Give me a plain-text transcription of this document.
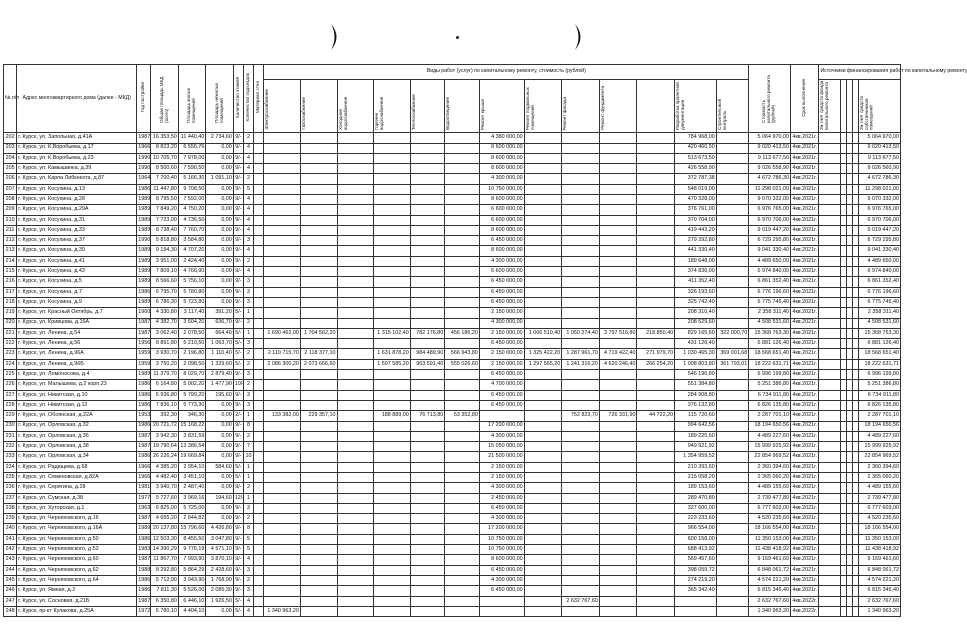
№ п/п	Адрес многоквартирного дома (далее - МКД)	Год постройки	Общая площадь МКД (всего)	Площадь жилых помещений	Площадь нежилых помещений	Количество этажей	Количество подъездов	Материал стен	Виды работ (услуг) по капитальному ремонту, стоимость (рублей)													Стоимость капитального ремонта (рублей)	Срок выполнения	Источники финансирования работ по капитальному ремонту				
									Электроснабжение	Газоснабжение	Холодное водоснабжение	Горячее водоснабжение	Теплоснабжение	Водоотведение	Ремонт крыши	Ремонт подвальных помещений	Ремонт фасада	Ремонт фундамента		Разработка проектной документации	Строительный контроль			За счет средств фонда капитального ремонта				За счет средств собственников помещений
202	г. Курск, ул. Запольная, д.41А	1987	16 353,50	11 440,40	2 734,60	9/-	2								4 380 000,00					784 968,00		5 064 970,00	4кв.2021г.					5 064 970,00
203	г. Курск, ул. К.Воробьева, д.17	1966	8 823,20	6 556,76	0,00	9/-	4								8 600 000,00					420 460,50		9 020 413,50	4кв.2021г.					9 020 413,50
204	г. Курск, ул. К.Воробьева, д.23	1990	10 705,70	7 978,00	0,00	9/-	4								8 600 000,00					513 673,50		9 113 677,50	4кв.2021г.					9 113 677,50
205	г. Курск, ул. Камышинка, д.39	1990	8 500,60	7 590,50	0,00	9/-	4								8 600 000,00					426 558,90		9 026 558,90	4кв.2021г.					9 026 560,90
206	г. Курск, ул. Карла Либкнехта, д.87	1964	7 700,40	5 166,30	1 091,10	9/-	2								4 300 000,00					372 787,38		4 672 786,30	4кв.2021г.					4 672 786,30
207	г. Курск, ул. Косухина, д.13	1986	11 447,80	9 708,50	0,00	9/-	5								10 750 000,00					548 019,00		11 298 021,00	4кв.2021г.					11 298 021,00
208	г. Курск, ул. Косухина, д.28	1989	8 795,50	7 592,00	0,00	9/-	4								8 600 000,00					470 328,00		9 070 332,00	4кв.2021г.					9 070 332,00
209	г. Курск, ул. Косухина, д.29А	1989	7 849,20	4 750,20	0,00	9/-	4								6 600 000,00					376 761,00		6 976 765,00	4кв.2021г.					6 976 765,00
210	г. Курск, ул. Косухина, д.31	1989	7 723,00	4 736,50	0,00	9/-	4								6 600 000,00					370 704,00		6 970 706,00	4кв.2021г.					6 970 706,00
211	г. Курск, ул. Косухина, д.33	1989	8 738,40	7 760,70	0,00	9/-	4								8 600 000,00					419 443,20		9 019 447,20	4кв.2021г.					9 019 447,20
212	г. Курск, ул. Косухина, д.37	1990	5 818,80	3 584,80	0,00	9/-	3								6 450 000,00					279 292,80		6 729 295,80	4кв.2021г.					6 729 295,80
213	г. Курск, ул. Косухина, д.39	1989	9 194,30	4 707,20	0,00	9/-	4								8 600 000,00					441 330,40		9 041 330,40	4кв.2021г.					9 041 330,40
214	г. Курск, ул. Косухина, д.41	1989	3 951,00	2 424,40	0,00	9/-	2								4 300 000,00					189 648,00		4 489 650,00	4кв.2021г.					4 489 650,00
215	г. Курск, ул. Косухина, д.43	1989	7 809,10	4 766,90	0,00	9/-	4								6 600 000,00					374 836,00		6 974 840,00	4кв.2021г.					6 974 840,00
216	г. Курск, ул. Косухина, д.5	1989	8 566,60	5 756,10	0,00	9/-	3								6 450 000,00					411 352,40		6 861 352,40	4кв.2021г.					6 861 352,40
217	г. Курск, ул. Косухина, д.7	1986	6 795,70	5 780,80	0,00	9/-	3								6 450 000,00					326 193,60		6 776 196,60	4кв.2021г.					6 776 196,60
218	г. Курск, ул. Косухина, д.9	1989	6 786,30	5 723,80	0,00	9/-	3								6 450 000,00					325 742,40		6 775 745,40	4кв.2021г.					6 775 745,40
219	г. Курск, ул. Красный Октябрь, д.7	1960	4 330,80	3 117,40	391,20	5/-	1								2 150 000,00					208 310,40		2 358 311,40	4кв.2021г.					2 358 311,40
220	г. Курск, ул. Кривцова, д.16А	1987	4 382,70	3 604,20	636,70	9/-	2								4 300 000,00					208 529,60		4 508 531,60	4кв.2021г.					4 508 531,60
221	г. Курск, ул. Ленина, д.54	1987	3 062,40	2 078,50	664,40	5/-	1		1 690 462,00	1 704 562,20		1 315 102,40	782 176,80	456 186,20	2 150 000,00	1 066 510,40	1 050 274,40	3 797 516,80	218 850,40	829 165,60	322 000,70	15 368 763,30	4кв.2021г.					15 368 763,30
222	г. Курск, ул. Ленина, д.56	1956	8 891,80	5 210,50	1 063,70	5/-	3								6 450 000,00					431 126,40		6 881 126,40	4кв.2021г.					6 881 126,40
223	г. Курск, ул. Ленина, д.96А	1959	3 930,70	2 196,80	1 110,40	5/-	2		2 110 715,70	2 118 377,10		1 631 878,20	984 489,90	566 943,80	2 150 000,00	1 325 422,20	1 287 961,70	4 719 422,40	271 979,70	1 030 465,30	369 001,68	18 568 651,40	4кв.2021г.					18 568 651,40
224	г. Курск, ул. Ленина, д.96Б	1959	3 750,20	2 098,50	1 329,60	5/-	2		2 086 300,20	2 073 666,60		1 597 585,20	963 591,40	555 026,60	2 150 000,00	1 297 565,20	1 241 316,20	4 620 246,40	266 254,20	1 008 803,80	361 793,01	18 222 631,71	4кв.2021г.					18 222 631,71
225	г. Курск, ул. Ломоносова, д.4	1989	11 379,70	8 029,70	2 879,40	9/-	3								6 450 000,00					546 196,80		6 996 199,80	4кв.2021г.					6 996 199,80
226	г. Курск, ул. Малышева, д.2 корп.23	1986	6 164,80	5 002,20	1 477,90	10/-	2								4 700 000,00					551 384,80		5 251 386,80	4кв.2021г.					5 251 386,80
227	г. Курск, ул. Никитская, д.10	1986	5 936,80	5 799,20	195,60	9/-	3								6 450 000,00					284 908,80		6 734 911,80	4кв.2021г.					6 734 911,80
228	г. Курск, ул. Никитская, д.12	1986	7 836,10	5 773,30	0,00	9/-	3								6 450 000,00					376 132,80		6 826 135,80	4кв.2021г.					6 826 135,80
229	г. Курск, ул. Обоянская, д.22А	1953	392,30	346,30	0,00	2/-	1		133 382,00	229 357,10		188 889,00	76 713,80	53 352,80			752 823,70	726 331,90	44 722,20	115 720,60		2 287 701,10	4кв.2021г.					2 287 701,10
230	г. Курск, ул. Орловская, д.32	1986	20 721,72	15 168,22	0,00	9/-	8								17 200 000,00					994 642,56		18 194 650,56	4кв.2021г.					18 194 650,56
231	г. Курск, ул. Орловская, д.36	1987	3 942,30	3 831,59	0,00	9/-	2								4 300 000,00					189 225,60		4 489 227,60	4кв.2021г.					4 489 227,60
232	г. Курск, ул. Орловская, д.38	1987	19 790,64	13 386,54	0,00	9/-	7								15 050 000,00					949 921,92		15 999 925,92	4кв.2021г.					15 999 925,92
233	г. Курск, ул. Орловская, д.34	1986	26 226,24	19 669,84	0,00	9/-	10								21 500 000,00					1 354 959,52		22 854 969,52	4кв.2021г.					22 854 969,52
234	г. Курск, ул. Радищева, д.68	1966	4 385,20	2 954,10	584,60	5/-	1								2 150 000,00					210 393,60		2 360 394,60	4кв.2021г.					2 360 394,60
235	г. Курск, ул. Семеновская, д.82А	1966	4 482,40	3 451,10	0,00	5/-	1								2 150 000,00					215 058,20		2 365 060,20	4кв.2021г.					2 365 060,20
236	г. Курск, ул. Серегина, д.28	1981	3 940,70	2 487,40	0,00	9/-	2								4 300 000,00					189 153,60		4 489 155,60	4кв.2021г.					4 489 155,60
237	г. Курск, ул. Сумская, д.38	1977	5 727,60	3 969,16	194,60	12/-	1								2 450 000,00					289 470,80		2 739 477,80	4кв.2021г.					2 739 477,80
238	г. Курск, ул. Хуторская, д.1	1963	6 825,00	5 725,00	0,00	9/-	3								6 450 000,00					327 600,00		6 777 603,00	4кв.2021г.					6 777 603,00
239	г. Курск, ул. Черняховского, д.16	1987	4 655,20	2 844,82	0,00	9/-	2								4 300 000,00					223 233,60		4 520 235,60	4кв.2021г.					4 520 235,60
240	г. Курск, ул. Черняховского, д.16А	1989	20 137,80	15 796,60	4 426,80	9/-	8								17 200 000,00					966 554,00		18 166 554,00	4кв.2021г.					18 166 554,00
241	г. Курск, ул. Черняховского, д.50	1986	12 503,30	8 455,50	3 047,80	9/-	5								10 750 000,00					600 158,00		11 350 153,00	4кв.2021г.					11 350 153,00
242	г. Курск, ул. Черняховского, д.52	1983	14 390,29	9 776,19	4 571,10	9/-	5								10 750 000,00					688 413,92		11 438 418,92	4кв.2021г.					11 438 418,92
243	г. Курск, ул. Черняховского, д.60	1987	11 867,70	7 993,90	3 870,10	9/-	4								8 600 000,00					569 457,60		9 169 461,60	4кв.2021г.					9 169 461,60
244	г. Курск, ул. Черняховского, д.62	1988	8 292,80	5 864,29	2 428,60	9/-	3								6 450 000,00					398 059,72		6 848 061,72	4кв.2021г.					6 848 061,72
245	г. Курск, ул. Черняховского, д.64	1986	5 712,90	3 943,90	1 768,90	9/-	2								4 300 000,00					274 219,20		4 574 221,20	4кв.2021г.					4 574 221,20
246	г. Курск, ул. Ямная, д.2	1986	7 811,30	5 526,00	2 085,30	9/-	3								6 450 000,00					365 342,40		6 815 345,40	4кв.2021г.					6 815 345,40
247	г. Курск, ул. Сосновая, д.21Б	1987	6 350,80	6 446,10	1 926,50	5/-	4										2 632 767,60					2 632 767,60	4кв.2022г.					2 632 767,60
248	г. Курск, пр-кт Кулакова, д.25А	1972	5 780,10	4 404,10	0,00	5/-	4		1 340 963,20													1 340 963,20	4кв.2022г.					1 340 963,20
